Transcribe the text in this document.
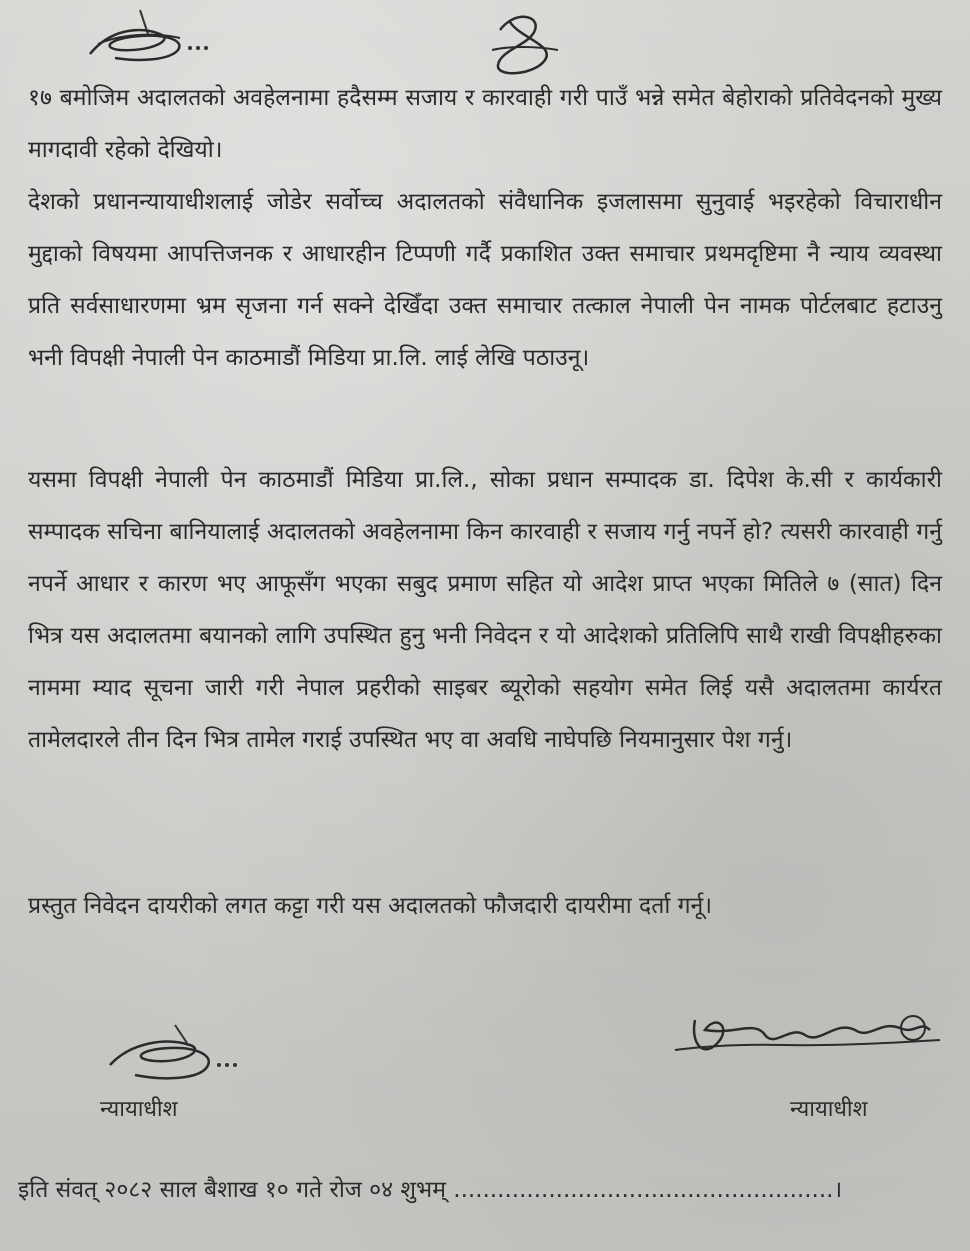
१७ बमोजिम अदालतको अवहेलनामा हदैसम्म सजाय र कारवाही गरी पाउँ भन्ने समेत बेहोराको प्रतिवेदनको मुख्य मागदावी रहेको देखियो।

देशको प्रधानन्यायाधीशलाई जोडेर सर्वोच्च अदालतको संवैधानिक इजलासमा सुनुवाई भइरहेको विचाराधीन मुद्दाको विषयमा आपत्तिजनक र आधारहीन टिप्पणी गर्दै प्रकाशित उक्त समाचार प्रथमदृष्टिमा नै न्याय व्यवस्था प्रति सर्वसाधारणमा भ्रम सृजना गर्न सक्ने देखिँदा उक्त समाचार तत्काल नेपाली पेन नामक पोर्टलबाट हटाउनु भनी विपक्षी नेपाली पेन काठमाडौं मिडिया प्रा.लि. लाई लेखि पठाउनू।

यसमा विपक्षी नेपाली पेन काठमाडौं मिडिया प्रा.लि., सोका प्रधान सम्पादक डा. दिपेश के.सी र कार्यकारी सम्पादक सचिना बानियालाई अदालतको अवहेलनामा किन कारवाही र सजाय गर्नु नपर्ने हो? त्यसरी कारवाही गर्नु नपर्ने आधार र कारण भए आफूसँग भएका सबुद प्रमाण सहित यो आदेश प्राप्त भएका मितिले ७ (सात) दिन भित्र यस अदालतमा बयानको लागि उपस्थित हुनु भनी निवेदन र यो आदेशको प्रतिलिपि साथै राखी विपक्षीहरुका नाममा म्याद सूचना जारी गरी नेपाल प्रहरीको साइबर ब्यूरोको सहयोग समेत लिई यसै अदालतमा कार्यरत तामेलदारले तीन दिन भित्र तामेल गराई उपस्थित भए वा अवधि नाघेपछि नियमानुसार पेश गर्नु।

प्रस्तुत निवेदन दायरीको लगत कट्टा गरी यस अदालतको फौजदारी दायरीमा दर्ता गर्नू।

न्यायाधीश	न्यायाधीश
इति संवत् २०८२ साल बैशाख १० गते रोज ०४ शुभम् ....................................................।
